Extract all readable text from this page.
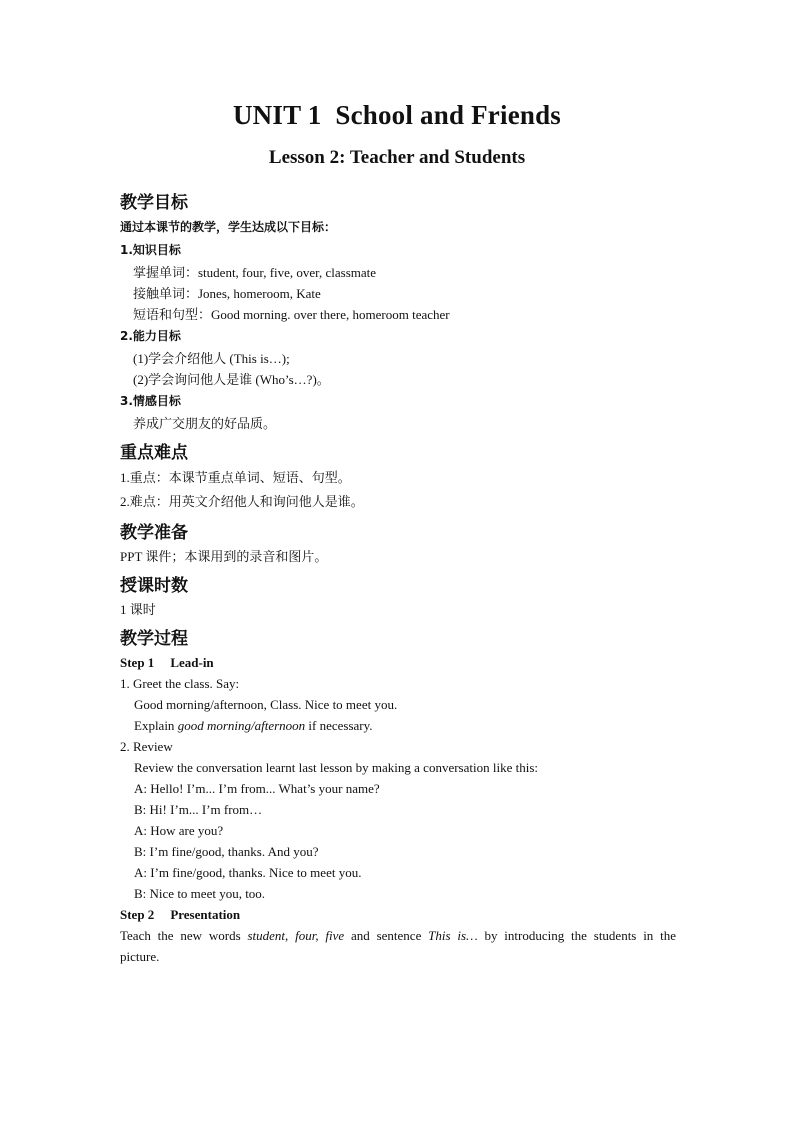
UNIT 1  School and Friends
Lesson 2: Teacher and Students

教学目标

通过本课节的教学，学生达成以下目标：

1.知识目标

掌握单词：student, four, five, over, classmate

接触单词：Jones, homeroom, Kate

短语和句型：Good morning. over there, homeroom teacher

2.能力目标

(1)学会介绍他人 (This is…);

(2)学会询问他人是谁 (Who’s…?)。

3.情感目标

养成广交朋友的好品质。

重点难点

1.重点：本课节重点单词、短语、句型。

2.难点：用英文介绍他人和询问他人是谁。

教学准备

PPT 课件；本课用到的录音和图片。

授课时数

1 课时

教学过程

Step 1 Lead-in

1. Greet the class. Say:

Good morning/afternoon, Class. Nice to meet you.

Explain good morning/afternoon if necessary.

2. Review

Review the conversation learnt last lesson by making a conversation like this:

A: Hello! I’m... I’m from... What’s your name?

B: Hi! I’m... I’m from…

A: How are you?

B: I’m fine/good, thanks. And you?

A: I’m fine/good, thanks. Nice to meet you.

B: Nice to meet you, too.

Step 2 Presentation

Teach the new words student, four, five and sentence This is… by introducing the students in the

picture.
